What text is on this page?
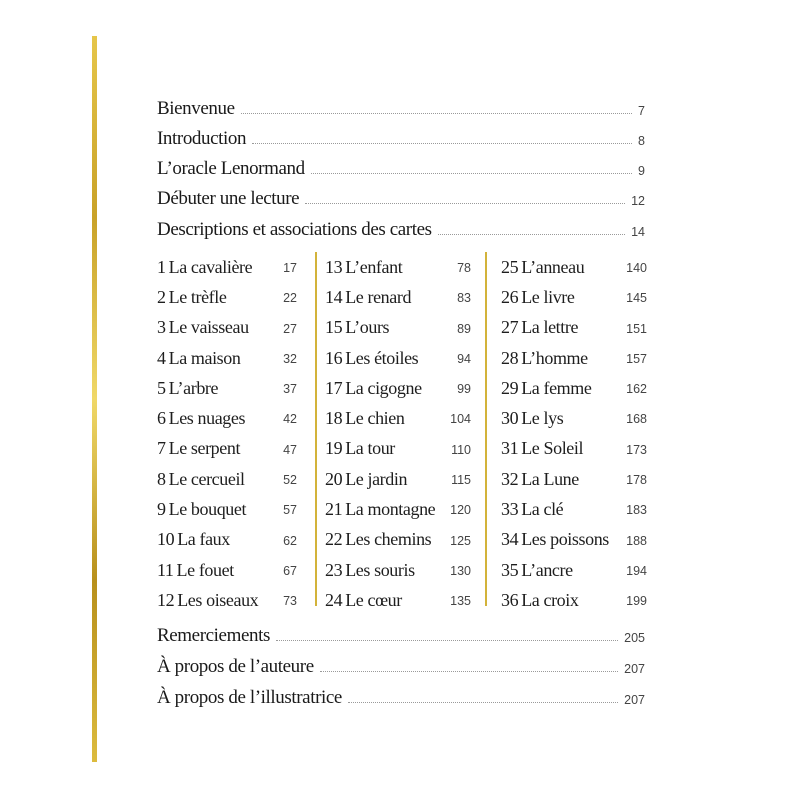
Bienvenue	7
Introduction	8
L’oracle Lenormand	9
Débuter une lecture	12
Descriptions et associations des cartes	14
1 La cavalière 17
2 Le trèfle	22
3 Le vaisseau	27
4 La maison	32
5 L’arbre	37
6 Les nuages	42
7 Le serpent	47
8 Le cercueil	52
9 Le bouquet	57
10 La faux	62
11 Le fouet	67
12 Les oiseaux 73
13 L’enfant	78
14 Le renard	83
15 L’ours	89
16 Les étoiles	94
17 La cigogne	99
18 Le chien	104
19 La tour	110
20 Le jardin	115
21 La montagne 120
22 Les chemins 125
23 Les souris	130
24 Le cœur	135
25 L’anneau	140
26 Le livre	145
27 La lettre	151
28 L’homme	157
29 La femme	162
30 Le lys	168
31 Le Soleil	173
32 La Lune	178
33 La clé	183
34 Les poissons 188
35 L’ancre	194
36 La croix	199
Remerciements	205
À propos de l’auteure	207
À propos de l’illustratrice	207
